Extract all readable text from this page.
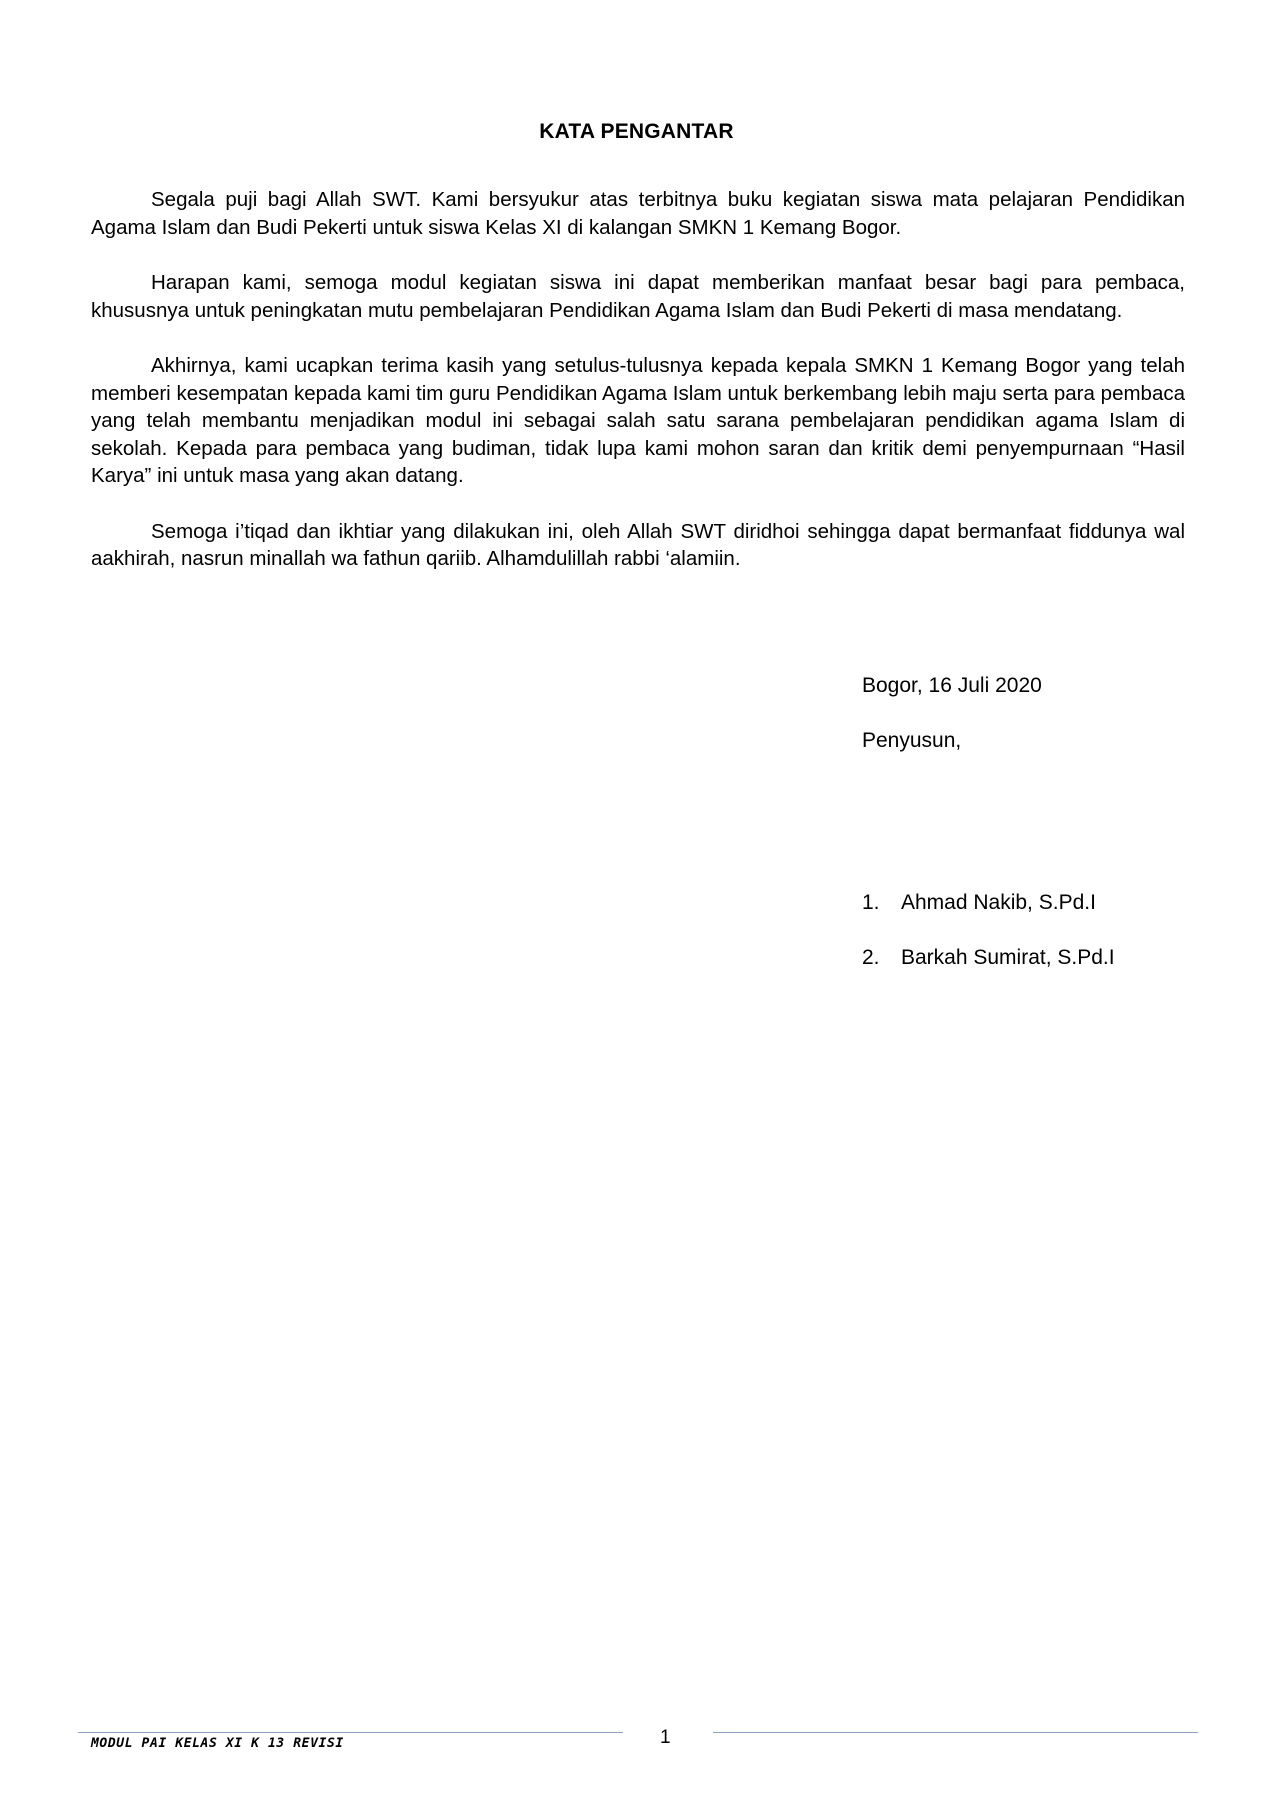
KATA PENGANTAR

Segala puji bagi Allah SWT. Kami bersyukur atas terbitnya buku kegiatan siswa mata pelajaran Pendidikan Agama Islam dan Budi Pekerti untuk siswa Kelas XI di kalangan SMKN 1 Kemang Bogor.

Harapan kami, semoga modul kegiatan siswa ini dapat memberikan manfaat besar bagi para pembaca, khususnya untuk peningkatan mutu pembelajaran Pendidikan Agama Islam dan Budi Pekerti di masa mendatang.

Akhirnya, kami ucapkan terima kasih yang setulus-tulusnya kepada kepala SMKN 1 Kemang Bogor yang telah memberi kesempatan kepada kami tim guru Pendidikan Agama Islam untuk berkembang lebih maju serta para pembaca yang telah membantu menjadikan modul ini sebagai salah satu sarana pembelajaran pendidikan agama Islam di sekolah. Kepada para pembaca yang budiman, tidak lupa kami mohon saran dan kritik demi penyempurnaan “Hasil Karya” ini untuk masa yang akan datang.

Semoga i’tiqad dan ikhtiar yang dilakukan ini, oleh Allah SWT diridhoi sehingga dapat bermanfaat fiddunya wal aakhirah, nasrun minallah wa fathun qariib. Alhamdulillah rabbi ‘alamiin.

Bogor, 16 Juli 2020

Penyusun,

1.	Ahmad Nakib, S.Pd.I
2.	Barkah Sumirat, S.Pd.I
MODUL PAI KELAS XI K 13 REVISI	1
